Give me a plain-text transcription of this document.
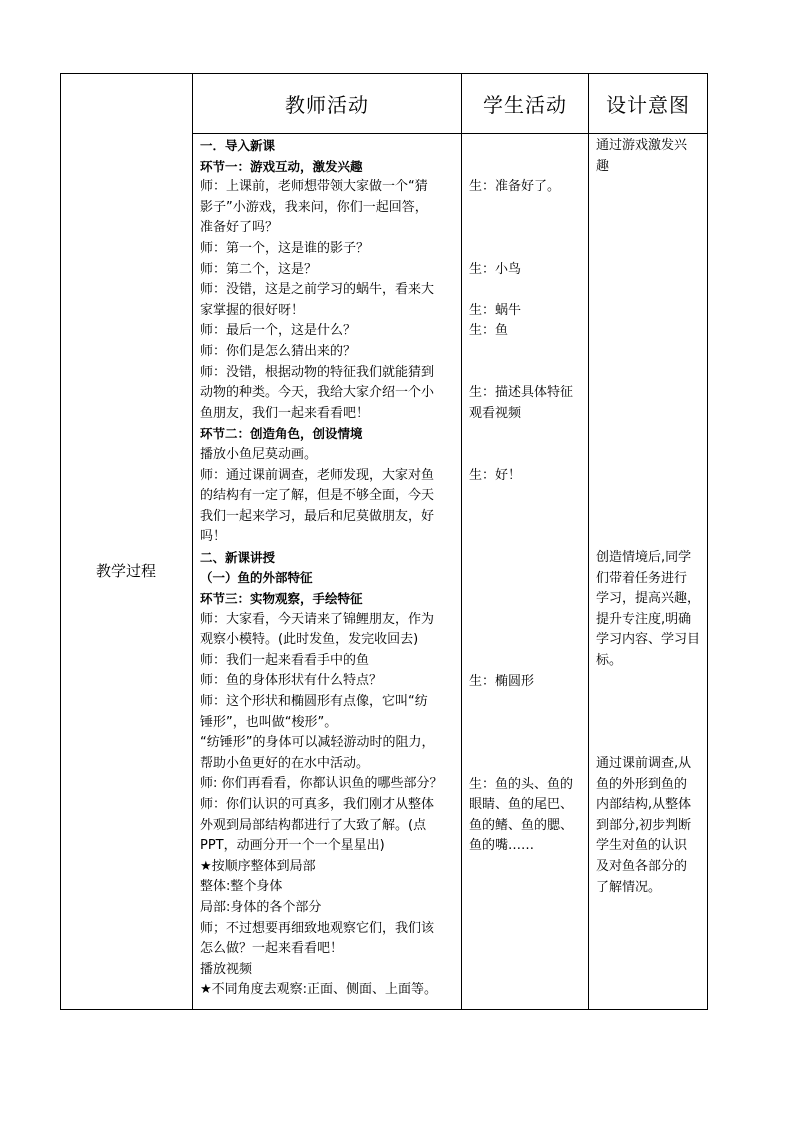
教师活动	学生活动	设计意图
教学过程
一．导入新课
环节一：游戏互动，激发兴趣
师：上课前，老师想带领大家做一个“猜
影子”小游戏，我来问，你们一起回答，
准备好了吗？
师：第一个，这是谁的影子？
师：第二个，这是？
师：没错，这是之前学习的蜗牛，看来大
家掌握的很好呀！
师：最后一个，这是什么？
师：你们是怎么猜出来的？
师：没错，根据动物的特征我们就能猜到
动物的种类。今天，我给大家介绍一个小
鱼朋友，我们一起来看看吧！
环节二：创造角色，创设情境
播放小鱼尼莫动画。
师：通过课前调查，老师发现，大家对鱼
的结构有一定了解，但是不够全面，今天
我们一起来学习，最后和尼莫做朋友，好
吗！
二、新课讲授
（一）鱼的外部特征
环节三：实物观察，手绘特征
师：大家看，今天请来了锦鲤朋友，作为
观察小模特。(此时发鱼，发完收回去)
师：我们一起来看看手中的鱼
师：鱼的身体形状有什么特点？
师：这个形状和椭圆形有点像，它叫“纺
锤形”，也叫做“梭形”。
“纺锤形”的身体可以减轻游动时的阻力，
帮助小鱼更好的在水中活动。
师: 你们再看看，你都认识鱼的哪些部分？
师：你们认识的可真多，我们刚才从整体
外观到局部结构都进行了大致了解。(点
PPT，动画分开一个一个星星出)
★按顺序整体到局部
整体:整个身体
局部:身体的各个部分
师；不过想要再细致地观察它们，我们该
怎么做？一起来看看吧！
播放视频
★不同角度去观察:正面、侧面、上面等。
生：准备好了。
生：小鸟
生：蜗牛
生：鱼
生：描述具体特征
观看视频
生：好！
生：椭圆形
生：鱼的头、鱼的
眼睛、鱼的尾巴、
鱼的鳍、鱼的腮、
鱼的嘴……
通过游戏激发兴
趣
创造情境后,同学
们带着任务进行
学习，提高兴趣，
提升专注度,明确
学习内容、学习目
标。
通过课前调查,从
鱼的外形到鱼的
内部结构,从整体
到部分,初步判断
学生对鱼的认识
及对鱼各部分的
了解情况。
